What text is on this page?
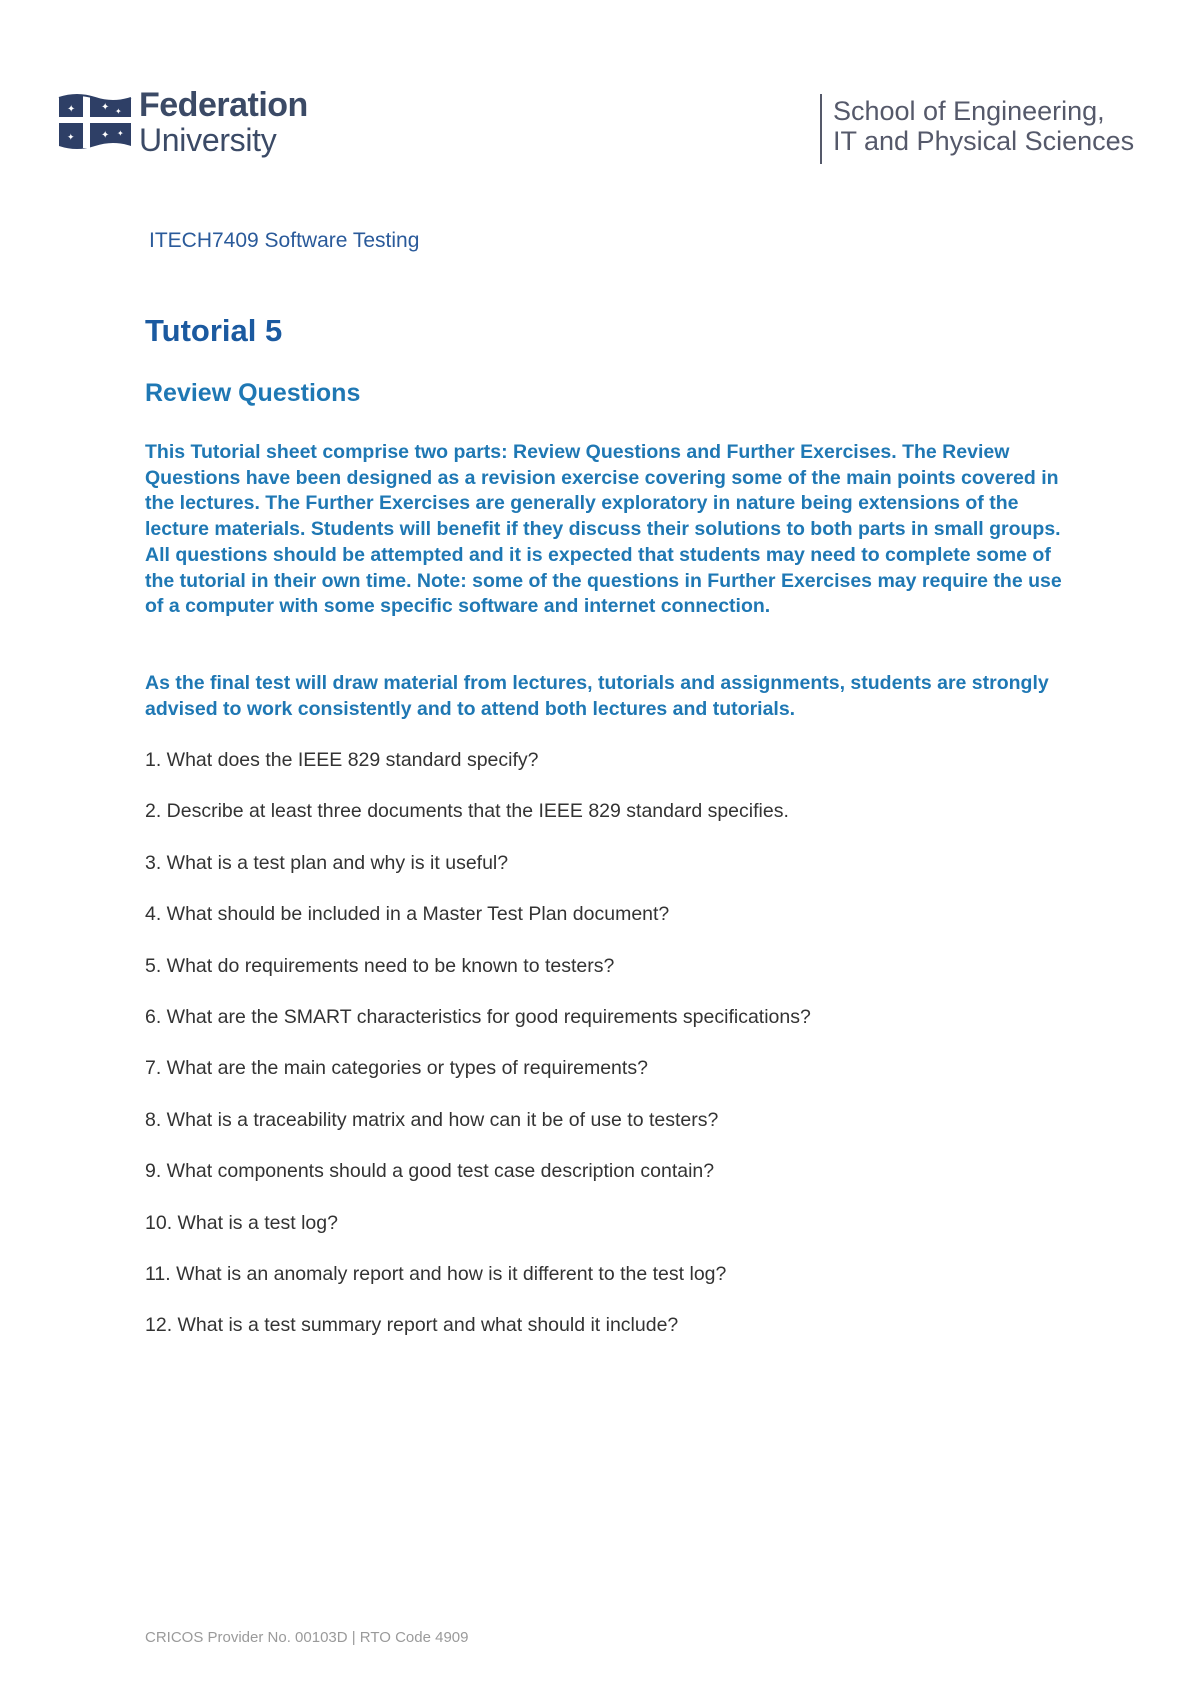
✦	✦ ✦
✦ ✦
✦
Federation
University
School of Engineering,
IT and Physical Sciences
ITECH7409 Software Testing
Tutorial 5
Review Questions

This Tutorial sheet comprise two parts: Review Questions and Further Exercises. The Review Questions have been designed as a revision exercise covering some of the main points covered in the lectures. The Further Exercises are generally exploratory in nature being extensions of the lecture materials. Students will benefit if they discuss their solutions to both parts in small groups. All questions should be attempted and it is expected that students may need to complete some of the tutorial in their own time. Note: some of the questions in Further Exercises may require the use of a computer with some specific software and internet connection.

As the final test will draw material from lectures, tutorials and assignments, students are strongly advised to work consistently and to attend both lectures and tutorials.

1. What does the IEEE 829 standard specify?
2. Describe at least three documents that the IEEE 829 standard specifies.
3. What is a test plan and why is it useful?
4. What should be included in a Master Test Plan document?
5. What do requirements need to be known to testers?
6. What are the SMART characteristics for good requirements specifications?
7. What are the main categories or types of requirements?
8. What is a traceability matrix and how can it be of use to testers?
9. What components should a good test case description contain?
10. What is a test log?
11. What is an anomaly report and how is it different to the test log?
12. What is a test summary report and what should it include?
CRICOS Provider No. 00103D | RTO Code 4909
